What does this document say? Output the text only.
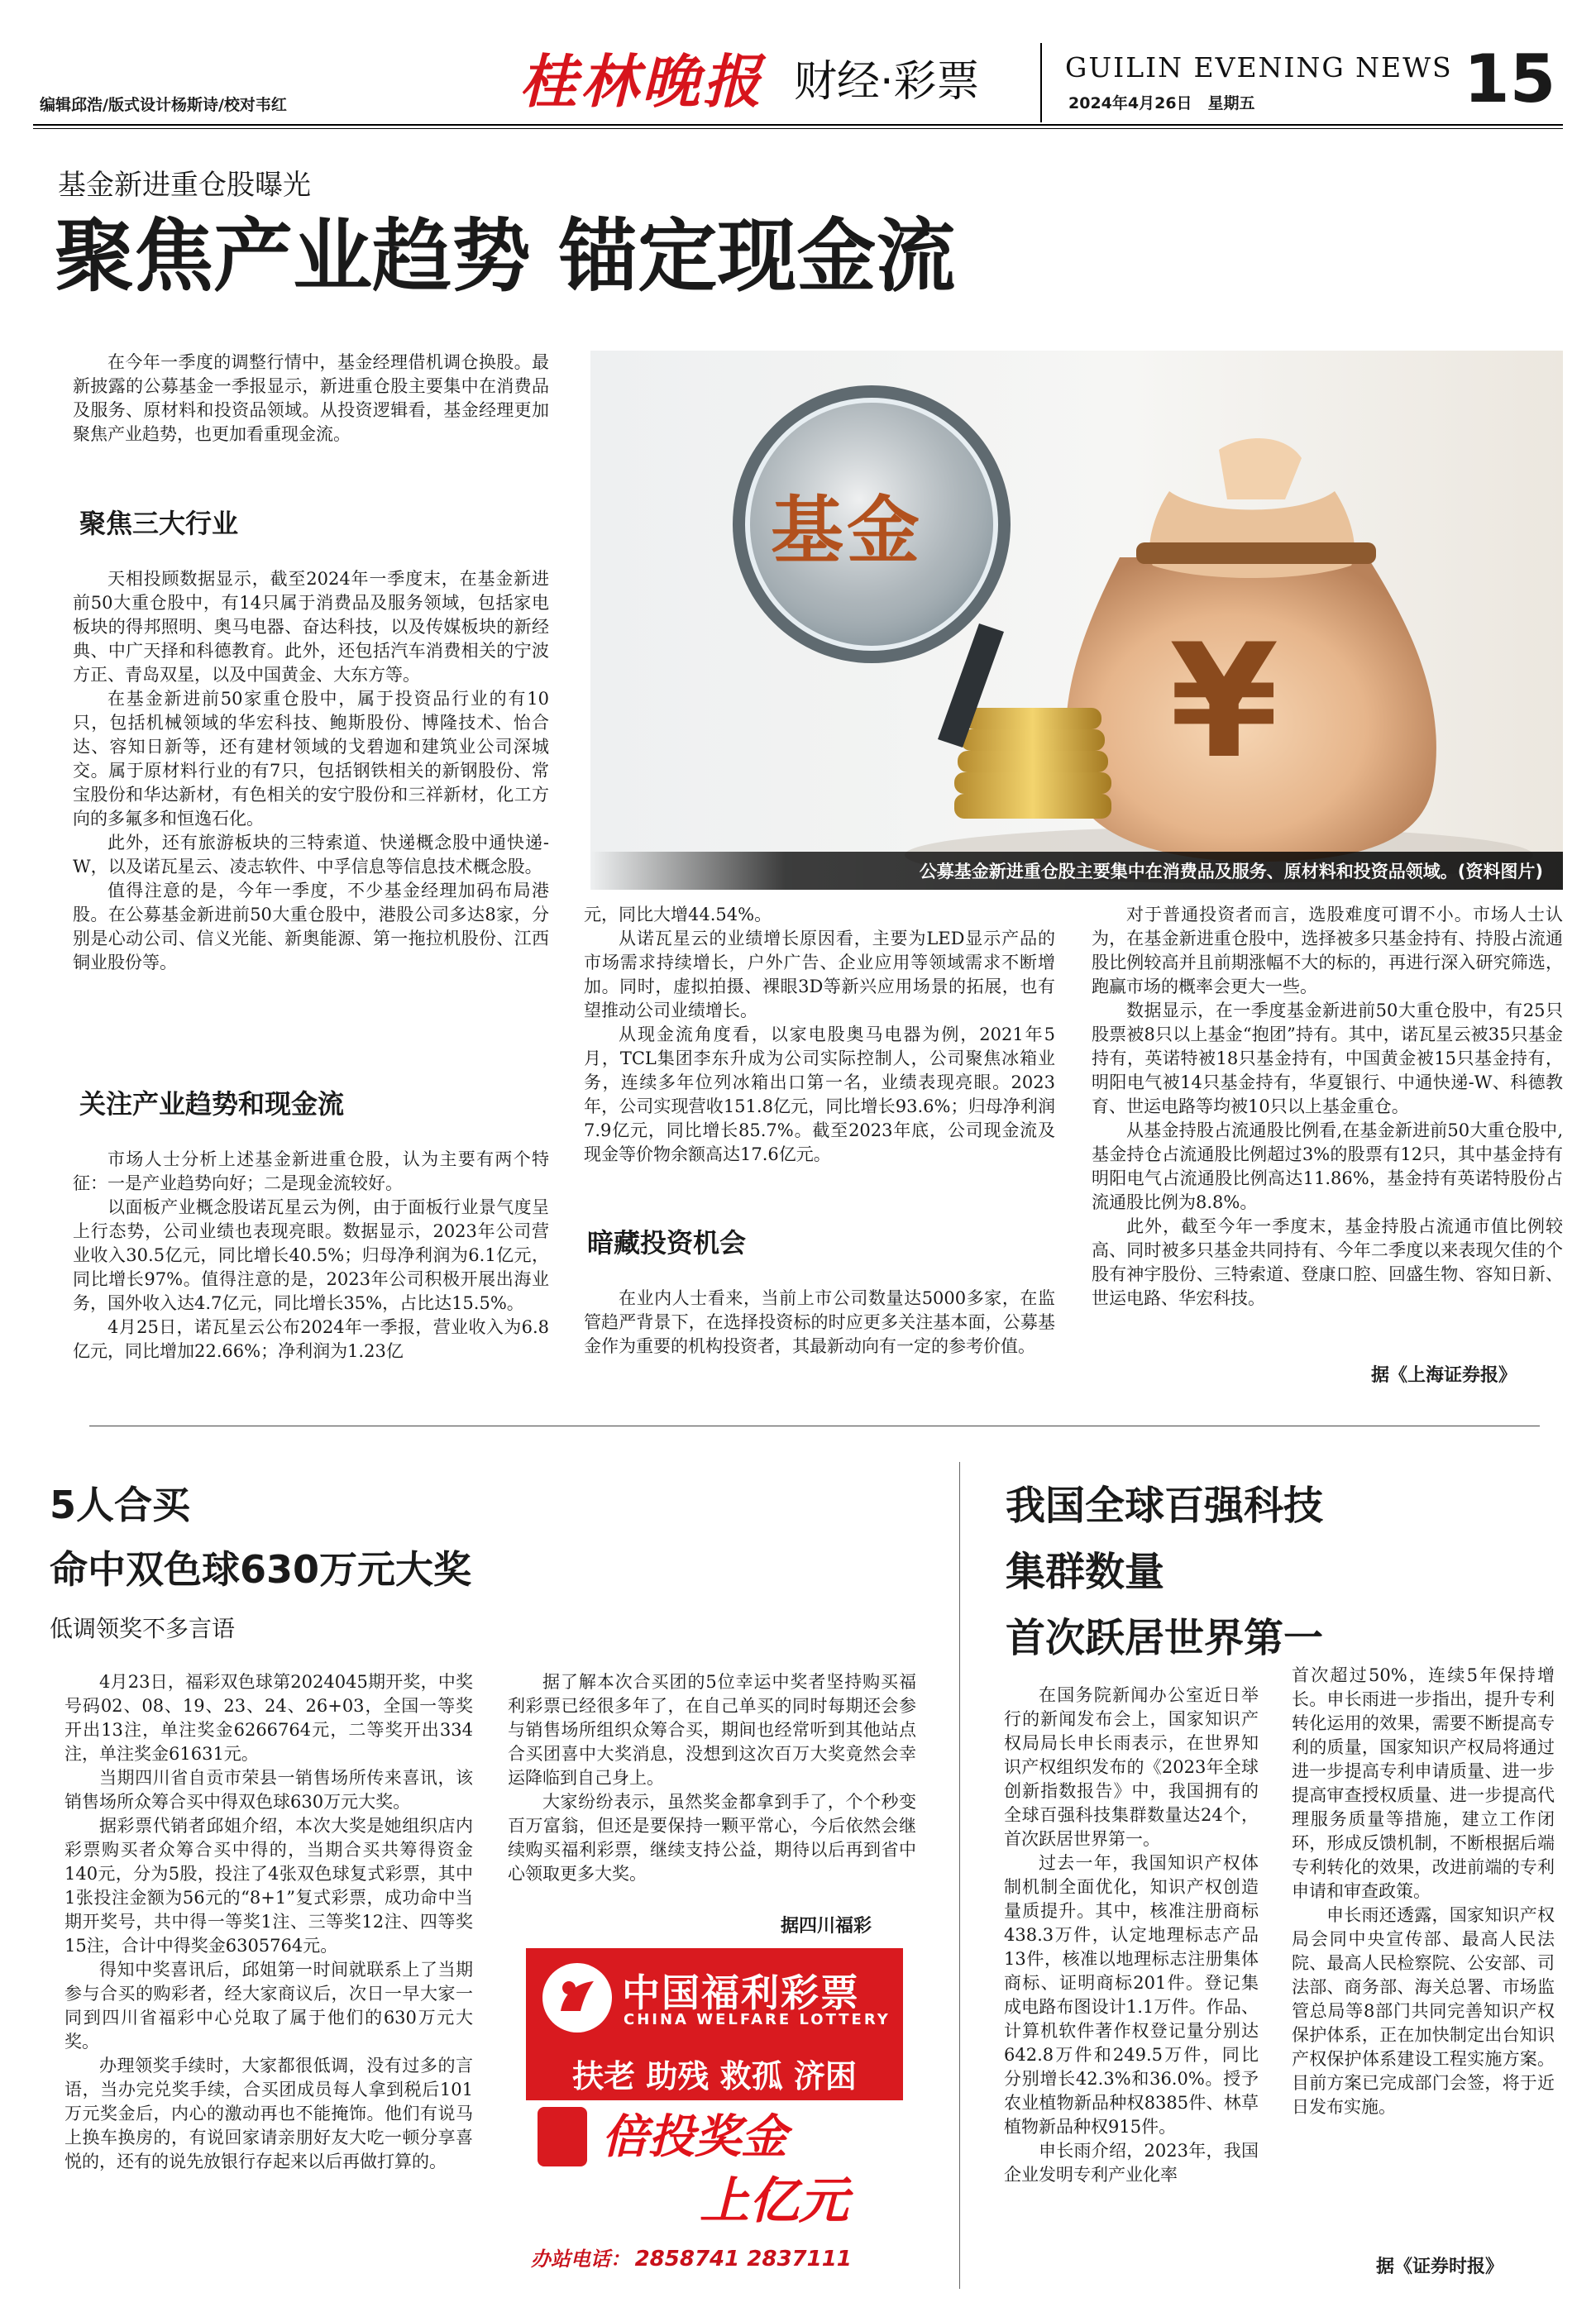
编辑邱浩/版式设计杨斯诗/校对韦红	桂林晚报 财经·彩票	GUILIN EVENING NEWS
2024年4月26日　星期五	15
基金新进重仓股曝光
聚焦产业趋势 锚定现金流
基金
¥
公募基金新进重仓股主要集中在消费品及服务、原材料和投资品领域。(资料图片)

在今年一季度的调整行情中，基金经理借机调仓换股。最新披露的公募基金一季报显示，新进重仓股主要集中在消费品及服务、原材料和投资品领域。从投资逻辑看，基金经理更加聚焦产业趋势，也更加看重现金流。

聚焦三大行业

天相投顾数据显示，截至2024年一季度末，在基金新进前50大重仓股中，有14只属于消费品及服务领域，包括家电板块的得邦照明、奥马电器、奋达科技，以及传媒板块的新经典、中广天择和科德教育。此外，还包括汽车消费相关的宁波方正、青岛双星，以及中国黄金、大东方等。

在基金新进前50家重仓股中，属于投资品行业的有10只，包括机械领域的华宏科技、鲍斯股份、博隆技术、怡合达、容知日新等，还有建材领域的戈碧迦和建筑业公司深城交。属于原材料行业的有7只，包括钢铁相关的新钢股份、常宝股份和华达新材，有色相关的安宁股份和三祥新材，化工方向的多氟多和恒逸石化。

此外，还有旅游板块的三特索道、快递概念股中通快递-W，以及诺瓦星云、凌志软件、中孚信息等信息技术概念股。

值得注意的是，今年一季度，不少基金经理加码布局港股。在公募基金新进前50大重仓股中，港股公司多达8家，分别是心动公司、信义光能、新奥能源、第一拖拉机股份、江西铜业股份等。

关注产业趋势和现金流

市场人士分析上述基金新进重仓股，认为主要有两个特征：一是产业趋势向好；二是现金流较好。

以面板产业概念股诺瓦星云为例，由于面板行业景气度呈上行态势，公司业绩也表现亮眼。数据显示，2023年公司营业收入30.5亿元，同比增长40.5%；归母净利润为6.1亿元，同比增长97%。值得注意的是，2023年公司积极开展出海业务，国外收入达4.7亿元，同比增长35%，占比达15.5%。

4月25日，诺瓦星云公布2024年一季报，营业收入为6.8亿元，同比增加22.66%；净利润为1.23亿

元，同比大增44.54%。

从诺瓦星云的业绩增长原因看，主要为LED显示产品的市场需求持续增长，户外广告、企业应用等领域需求不断增加。同时，虚拟拍摄、裸眼3D等新兴应用场景的拓展，也有望推动公司业绩增长。

从现金流角度看，以家电股奥马电器为例，2021年5月，TCL集团李东升成为公司实际控制人，公司聚焦冰箱业务，连续多年位列冰箱出口第一名，业绩表现亮眼。2023年，公司实现营收151.8亿元，同比增长93.6%；归母净利润7.9亿元，同比增长85.7%。截至2023年底，公司现金流及现金等价物余额高达17.6亿元。

暗藏投资机会

在业内人士看来，当前上市公司数量达5000多家，在监管趋严背景下，在选择投资标的时应更多关注基本面，公募基金作为重要的机构投资者，其最新动向有一定的参考价值。

对于普通投资者而言，选股难度可谓不小。市场人士认为，在基金新进重仓股中，选择被多只基金持有、持股占流通股比例较高并且前期涨幅不大的标的，再进行深入研究筛选，跑赢市场的概率会更大一些。

数据显示，在一季度基金新进前50大重仓股中，有25只股票被8只以上基金“抱团”持有。其中，诺瓦星云被35只基金持有，英诺特被18只基金持有，中国黄金被15只基金持有，明阳电气被14只基金持有，华夏银行、中通快递-W、科德教育、世运电路等均被10只以上基金重仓。

从基金持股占流通股比例看,在基金新进前50大重仓股中,基金持仓占流通股比例超过3%的股票有12只，其中基金持有明阳电气占流通股比例高达11.86%，基金持有英诺特股份占流通股比例为8.8%。

此外，截至今年一季度末，基金持股占流通市值比例较高、同时被多只基金共同持有、今年二季度以来表现欠佳的个股有神宇股份、三特索道、登康口腔、回盛生物、容知日新、世运电路、华宏科技。

据《上海证券报》
5人合买
命中双色球630万元大奖
低调领奖不多言语

4月23日，福彩双色球第2024045期开奖，中奖号码02、08、19、23、24、26+03，全国一等奖开出13注，单注奖金6266764元，二等奖开出334注，单注奖金61631元。

当期四川省自贡市荣县一销售场所传来喜讯，该销售场所众筹合买中得双色球630万元大奖。

据彩票代销者邱姐介绍，本次大奖是她组织店内彩票购买者众筹合买中得的，当期合买共筹得资金140元，分为5股，投注了4张双色球复式彩票，其中1张投注金额为56元的“8+1”复式彩票，成功命中当期开奖号，共中得一等奖1注、三等奖12注、四等奖15注，合计中得奖金6305764元。

得知中奖喜讯后，邱姐第一时间就联系上了当期参与合买的购彩者，经大家商议后，次日一早大家一同到四川省福彩中心兑取了属于他们的630万元大奖。

办理领奖手续时，大家都很低调，没有过多的言语，当办完兑奖手续，合买团成员每人拿到税后101万元奖金后，内心的激动再也不能掩饰。他们有说马上换车换房的，有说回家请亲朋好友大吃一顿分享喜悦的，还有的说先放银行存起来以后再做打算的。

据了解本次合买团的5位幸运中奖者坚持购买福利彩票已经很多年了，在自己单买的同时每期还会参与销售场所组织众筹合买，期间也经常听到其他站点合买团喜中大奖消息，没想到这次百万大奖竟然会幸运降临到自己身上。

大家纷纷表示，虽然奖金都拿到手了，个个秒变百万富翁，但还是要保持一颗平常心，今后依然会继续购买福利彩票，继续支持公益，期待以后再到省中心领取更多大奖。

据四川福彩
中国福利彩票
CHINA WELFARE LOTTERY
扶老 助残 救孤 济困
倍投奖金
上亿元
办站电话： 2858741 2837111
我国全球百强科技
集群数量
首次跃居世界第一

在国务院新闻办公室近日举行的新闻发布会上，国家知识产权局局长申长雨表示，在世界知识产权组织发布的《2023年全球创新指数报告》中，我国拥有的全球百强科技集群数量达24个，首次跃居世界第一。

过去一年，我国知识产权体制机制全面优化，知识产权创造量质提升。其中，核准注册商标438.3万件，认定地理标志产品13件，核准以地理标志注册集体商标、证明商标201件。登记集成电路布图设计1.1万件。作品、计算机软件著作权登记量分别达642.8万件和249.5万件，同比分别增长42.3%和36.0%。授予农业植物新品种权8385件、林草植物新品种权915件。

申长雨介绍，2023年，我国企业发明专利产业化率

首次超过50%，连续5年保持增长。申长雨进一步指出，提升专利转化运用的效果，需要不断提高专利的质量，国家知识产权局将通过进一步提高专利申请质量、进一步提高审查授权质量、进一步提高代理服务质量等措施，建立工作闭环，形成反馈机制，不断根据后端专利转化的效果，改进前端的专利申请和审查政策。

申长雨还透露，国家知识产权局会同中央宣传部、最高人民法院、最高人民检察院、公安部、司法部、商务部、海关总署、市场监管总局等8部门共同完善知识产权保护体系，正在加快制定出台知识产权保护体系建设工程实施方案。目前方案已完成部门会签，将于近日发布实施。

据《证券时报》
